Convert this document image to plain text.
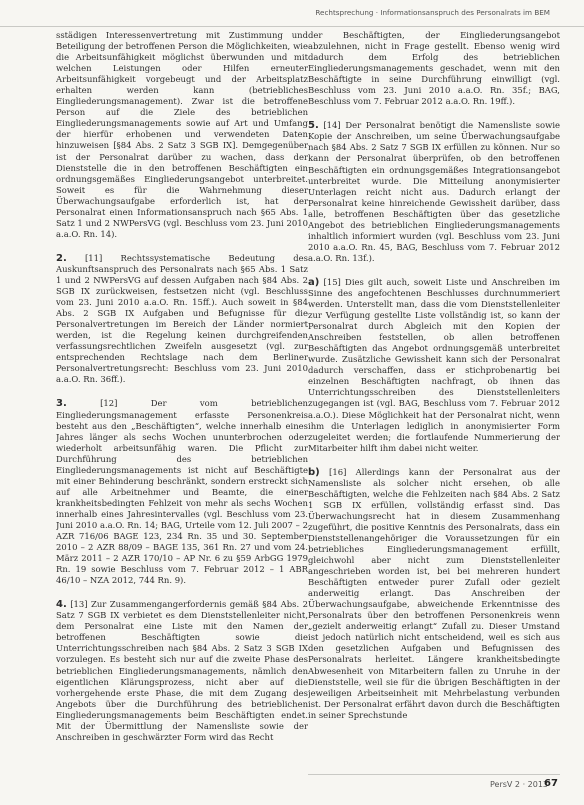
Rechtsprechung · Informationsanspruch des Personalrats im BEM

sstädigen Interessenvertretung mit Zustimmung und Beteiligung der betroffenen Person die Möglichkeiten, wie die Arbeitsunfähigkeit möglichst überwunden und mit welchen Leistungen oder Hilfen erneuter Arbeitsunfähigkeit vorgebeugt und der Arbeitsplatz erhalten werden kann (betriebliches Eingliederungsmanagement). Zwar ist die betroffene Person auf die Ziele des betrieblichen Eingliederungsmanagements sowie auf Art und Umfang der hierfür erhobenen und verwendeten Daten hinzuweisen [§84 Abs. 2 Satz 3 SGB IX]. Demgegenüber ist der Personalrat darüber zu wachen, dass der Dienststelle die in den betroffenen Beschäftigten ein ordnungsgemäßes Eingliederungsangebot unterbreitet. Soweit es für die Wahrnehmung dieser Überwachungsaufgabe erforderlich ist, hat der Personalrat einen Informationsanspruch nach §65 Abs. 1 Satz 1 und 2 NWPersVG (vgl. Beschluss vom 23. Juni 2010 a.a.O. Rn. 14).

2. [11] Rechtssystematische Bedeutung des Auskunftsanspruch des Personalrats nach §65 Abs. 1 Satz 1 und 2 NWPersVG auf dessen Aufgaben nach §84 Abs. 2 SGB IX zurückweisen, festsetzen nicht (vgl. Beschluss vom 23. Juni 2010 a.a.O. Rn. 15ff.). Auch soweit in §84 Abs. 2 SGB IX Aufgaben und Befugnisse für die Personalvertretungen im Bereich der Länder normiert werden, ist die Regelung keinen durchgreifenden verfassungsrechtlichen Zweifeln ausgesetzt (vgl. zur entsprechenden Rechtslage nach dem Berliner Personalvertretungsrecht: Beschluss vom 23. Juni 2010 a.a.O. Rn. 36ff.).

3.	[12] Der vom betrieblichen Eingliederungsmanagement erfasste Personenkreis besteht aus den „Beschäftigten“, welche innerhalb eines Jahres länger als sechs Wochen ununterbrochen oder wiederholt arbeitsunfähig waren. Die Pflicht zur Durchführung des betrieblichen Eingliederungsmanagements ist nicht auf Beschäftigte mit einer Behinderung beschränkt, sondern erstreckt sich auf alle Arbeitnehmer und Beamte, die einer krankheitsbedingten Fehlzeit von mehr als sechs Wochen innerhalb eines Jahresintervalles (vgl. Beschluss vom 23. Juni 2010 a.a.O. Rn. 14; BAG, Urteile vom 12. Juli 2007 – 2 AZR 716/06 BAGE 123, 234 Rn. 35 und 30. September 2010 – 2 AZR 88/09 – BAGE 135, 361 Rn. 27 und vom 24. März 2011 – 2 AZR 170/10 – AP Nr. 6 zu §59 ArbGG 1979 Rn. 19 sowie Beschluss vom 7. Februar 2012 – 1 ABR 46/10 – NZA 2012, 744 Rn. 9).

4. [13] Zur Zusammengangerfordernis gemäß §84 Abs. 2 Satz 7 SGB IX verbietet es dem Dienststellenleiter nicht, dem Personalrat eine Liste mit den Namen der betroffenen Beschäftigten sowie die Unterrichtungsschreiben nach §84 Abs. 2 Satz 3 SGB IX vorzulegen. Es besteht sich nur auf die zweite Phase des betrieblichen Eingliederungsmanagements, nämlich den eigentlichen Klärungsprozess, nicht aber auf die vorhergehende erste Phase, die mit dem Zugang des Angebots über die Durchführung des betrieblichen Eingliederungsmanagements beim Beschäftigten endet. Mit der Übermittlung der Namensliste sowie der Anschreiben in geschwärzter Form wird das Recht

der Beschäftigten, der Eingliederungsangebot abzulehnen, nicht in Frage gestellt. Ebenso wenig wird dadurch dem Erfolg des betrieblichen Eingliederungsmanagements geschadet, wenn mit den Beschäftigte in seine Durchführung einwilligt (vgl. Beschluss vom 23. Juni 2010 a.a.O. Rn. 35f.; BAG, Beschluss vom 7. Februar 2012 a.a.O. Rn. 19ff.).

5. [14] Der Personalrat benötigt die Namensliste sowie Kopie der Anschreiben, um seine Überwachungsaufgabe nach §84 Abs. 2 Satz 7 SGB IX erfüllen zu können. Nur so kann der Personalrat überprüfen, ob den betroffenen Beschäftigten ein ordnungsgemäßes Integrationsangebot unterbreitet wurde. Die Mitteilung anonymisierter Unterlagen reicht nicht aus. Dadurch erlangt der Personalrat keine hinreichende Gewissheit darüber, dass alle, betroffenen Beschäftigten über das gesetzliche Angebot des betrieblichen Eingliederungsmanagements inhaltlich informiert wurden (vgl. Beschluss vom 23. Juni 2010 a.a.O. Rn. 45, BAG, Beschluss vom 7. Februar 2012 a.a.O. Rn. 13f.).

a) [15] Dies gilt auch, soweit Liste und Anschreiben im Sinne des angefochtenen Beschlusses durchnummeriert werden. Unterstellt man, dass die vom Dienststellenleiter zur Verfügung gestellte Liste vollständig ist, so kann der Personalrat durch Abgleich mit den Kopien der Anschreiben feststellen, ob allen betroffenen Beschäftigten das Angebot ordnungsgemäß unterbreitet wurde. Zusätzliche Gewissheit kann sich der Personalrat dadurch verschaffen, dass er stichprobenartig bei einzelnen Beschäftigten nachfragt, ob ihnen das Unterrichtungsschreiben des Dienststellenleiters zugegangen ist (vgl. BAG, Beschluss vom 7. Februar 2012 a.a.O.). Diese Möglichkeit hat der Personalrat nicht, wenn ihm die Unterlagen lediglich in anonymisierter Form zugeleitet werden; die fortlaufende Nummerierung der Mitarbeiter hilft ihm dabei nicht weiter.

b) [16] Allerdings kann der Personalrat aus der Namensliste als solcher nicht ersehen, ob alle Beschäftigten, welche die Fehlzeiten nach §84 Abs. 2 Satz 1 SGB IX erfüllen, vollständig erfasst sind. Das Überwachungsrecht hat in diesem Zusammenhang zugeführt, die positive Kenntnis des Personalrats, dass ein Dienststellenangehöriger die Voraussetzungen für ein betriebliches Eingliederungsmanagement erfüllt, gleichwohl aber nicht zum Dienststellenleiter angeschrieben worden ist, bei bei mehreren hundert Beschäftigten entweder purer Zufall oder gezielt anderweitig erlangt. Das Anschreiben der Überwachungsaufgabe, abweichende Erkenntnisse des Personalrats über den betroffenen Personenkreis wenn „gezielt anderweitig erlangt“ Zufall zu. Dieser Umstand ist jedoch natürlich nicht entscheidend, weil es sich aus den gesetzlichen Aufgaben und Befugnissen des Personalrats herleitet. Längere krankheitsbedingte Abwesenheit von Mitarbeitern fallen zu Unruhe in der Dienststelle, weil sie für die übrigen Beschäftigten in der jeweiligen Arbeitseinheit mit Mehrbelastung verbunden ist. Der Personalrat erfährt davon durch die Beschäftigten in seiner Sprechstunde

PersV 2 · 2013
67
